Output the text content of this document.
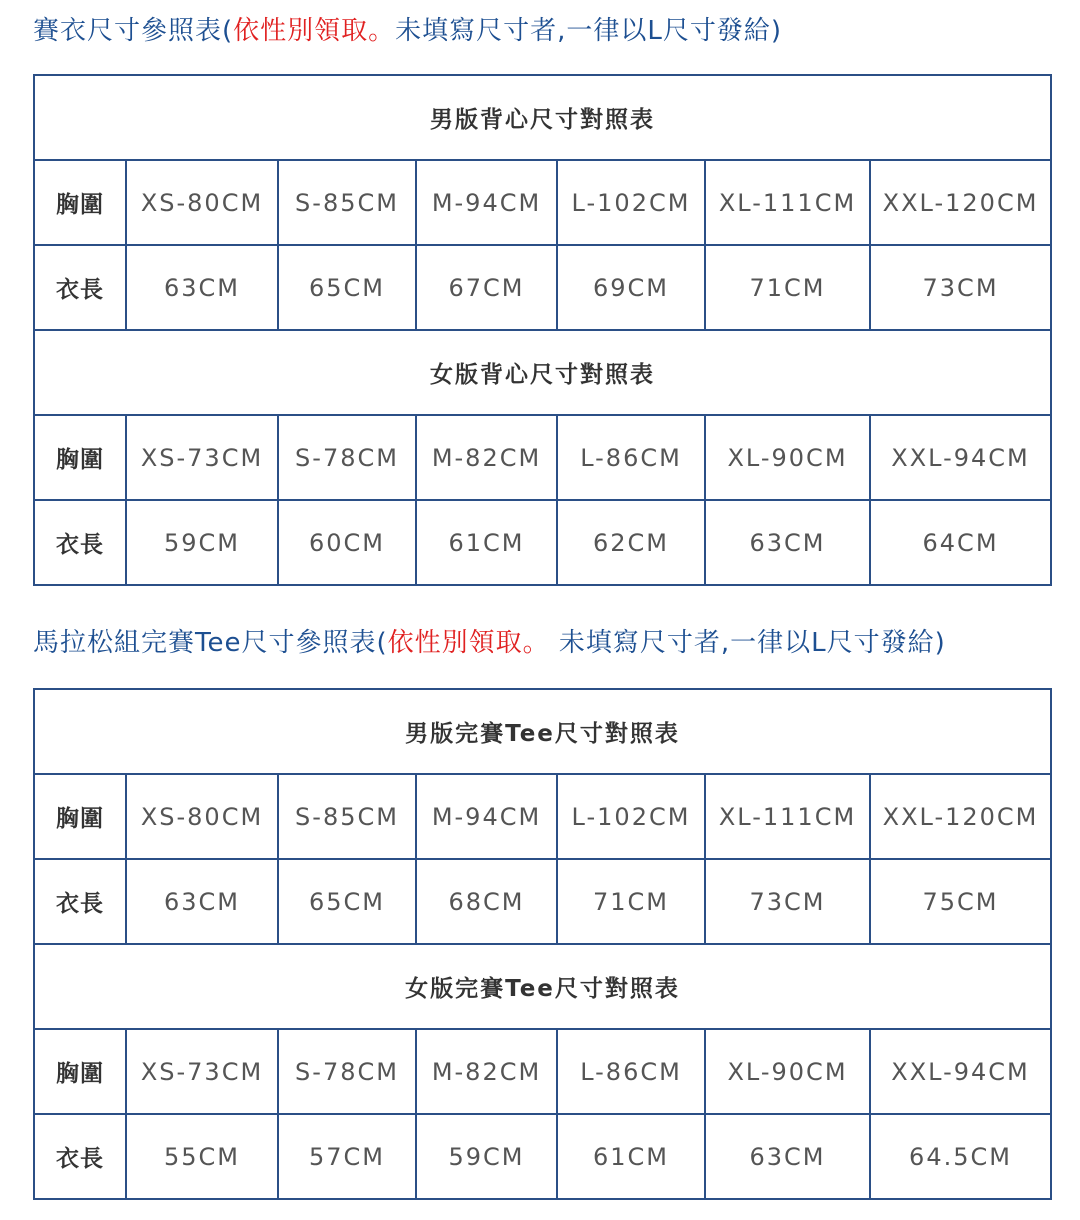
賽衣尺寸參照表(依性別領取。未填寫尺寸者,一律以L尺寸發給)
男版背心尺寸對照表						
胸圍	XS-80CM	S-85CM	M-94CM	L-102CM	XL-111CM	XXL-120CM
衣長	63CM	65CM	67CM	69CM	71CM	73CM
女版背心尺寸對照表						
胸圍	XS-73CM	S-78CM	M-82CM	L-86CM	XL-90CM	XXL-94CM
衣長	59CM	60CM	61CM	62CM	63CM	64CM
馬拉松組完賽Tee尺寸參照表(依性別領取。 未填寫尺寸者,一律以L尺寸發給)
男版完賽Tee尺寸對照表						
胸圍	XS-80CM	S-85CM	M-94CM	L-102CM	XL-111CM	XXL-120CM
衣長	63CM	65CM	68CM	71CM	73CM	75CM
女版完賽Tee尺寸對照表						
胸圍	XS-73CM	S-78CM	M-82CM	L-86CM	XL-90CM	XXL-94CM
衣長	55CM	57CM	59CM	61CM	63CM	64.5CM
